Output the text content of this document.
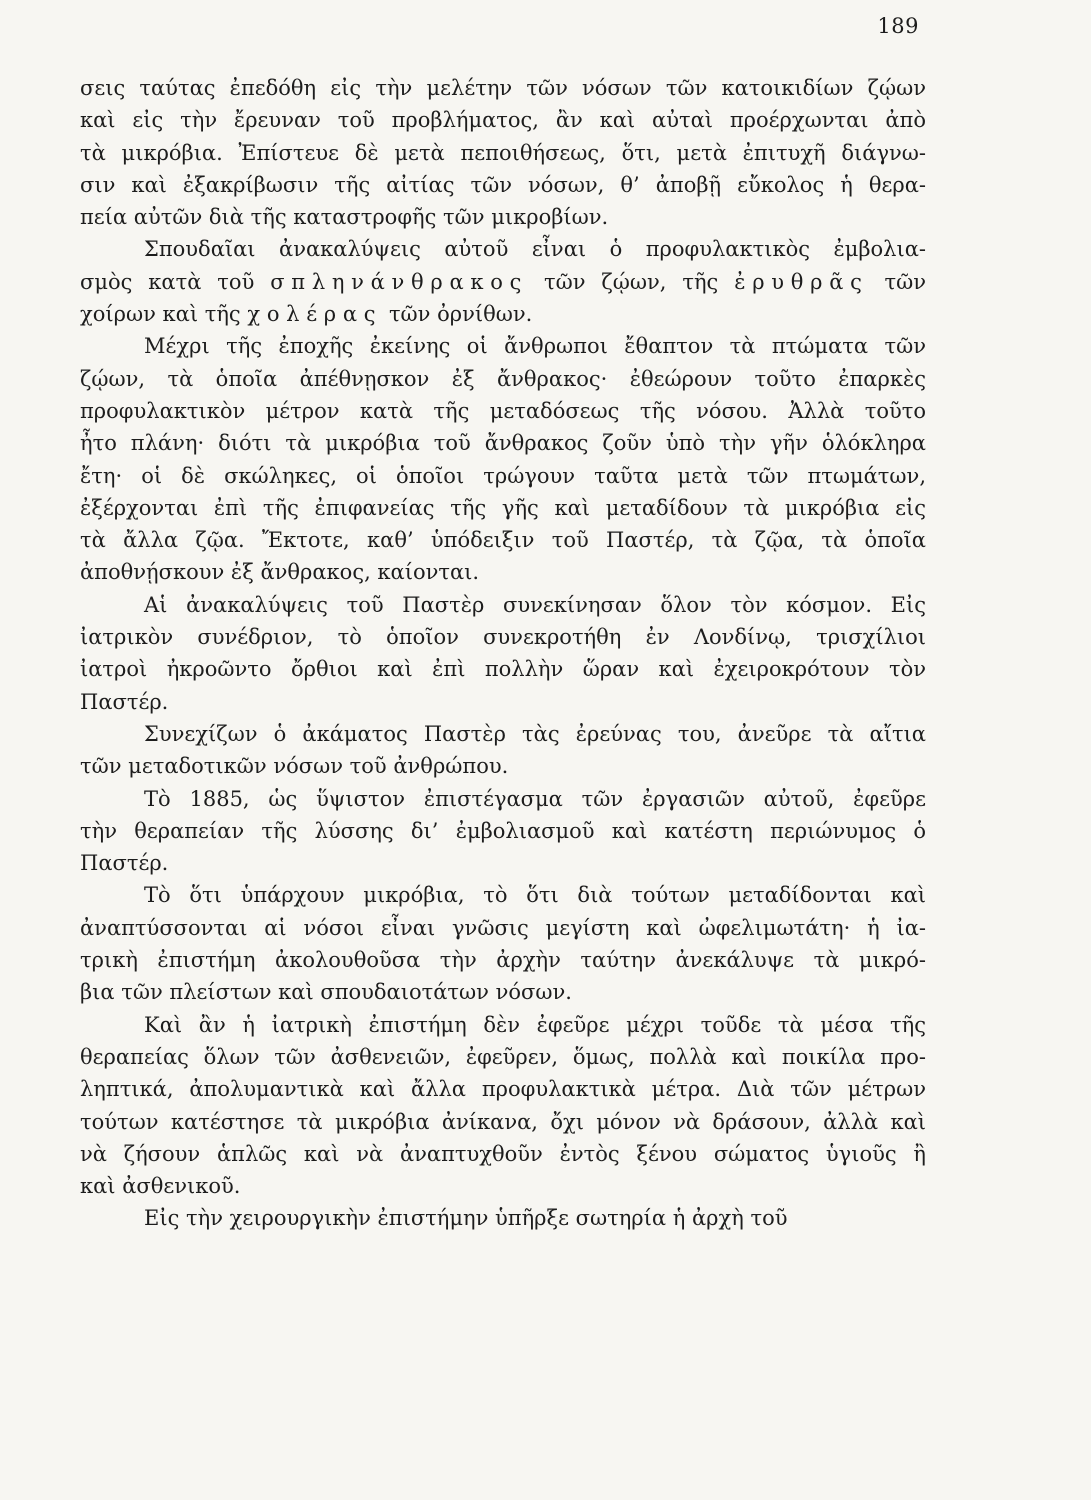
189
σεις ταύτας ἐπεδόθη εἰς τὴν μελέτην τῶν νόσων τῶν κατοικιδίων ζῴων
καὶ εἰς τὴν ἔρευναν τοῦ προβλήματος, ἂν καὶ αὐταὶ προέρχωνται ἀπὸ
τὰ μικρόβια. Ἐπίστευε δὲ μετὰ πεποιθήσεως, ὅτι, μετὰ ἐπιτυχῆ διάγνω-
σιν καὶ ἐξακρίβωσιν τῆς αἰτίας τῶν νόσων, θ’ ἀποβῇ εὔκολος ἡ θερα-
πεία αὐτῶν διὰ τῆς καταστροφῆς τῶν μικροβίων.
Σπουδαῖαι ἀνακαλύψεις αὐτοῦ εἶναι ὁ προφυλακτικὸς ἐμβολια-
σμὸς κατὰ τοῦ σπληνάνθρακος τῶν ζῴων, τῆς ἐρυθρᾶς τῶν
χοίρων καὶ τῆς χολέρας τῶν ὀρνίθων.
Μέχρι τῆς ἐποχῆς ἐκείνης οἱ ἄνθρωποι ἔθαπτον τὰ πτώματα τῶν
ζῴων, τὰ ὁποῖα ἀπέθνῃσκον ἐξ ἄνθρακος· ἐθεώρουν τοῦτο ἐπαρκὲς
προφυλακτικὸν μέτρον κατὰ τῆς μεταδόσεως τῆς νόσου. Ἀλλὰ τοῦτο
ἦτο πλάνη· διότι τὰ μικρόβια τοῦ ἄνθρακος ζοῦν ὑπὸ τὴν γῆν ὁλόκληρα
ἔτη· οἱ δὲ σκώληκες, οἱ ὁποῖοι τρώγουν ταῦτα μετὰ τῶν πτωμάτων,
ἐξέρχονται ἐπὶ τῆς ἐπιφανείας τῆς γῆς καὶ μεταδίδουν τὰ μικρόβια εἰς
τὰ ἄλλα ζῷα. Ἔκτοτε, καθ’ ὑπόδειξιν τοῦ Παστέρ, τὰ ζῷα, τὰ ὁποῖα
ἀποθνῄσκουν ἐξ ἄνθρακος, καίονται.
Αἱ ἀνακαλύψεις τοῦ Παστὲρ συνεκίνησαν ὅλον τὸν κόσμον. Εἰς
ἰατρικὸν συνέδριον, τὸ ὁποῖον συνεκροτήθη ἐν Λονδίνῳ, τρισχίλιοι
ἰατροὶ ἠκροῶντο ὄρθιοι καὶ ἐπὶ πολλὴν ὥραν καὶ ἐχειροκρότουν τὸν
Παστέρ.
Συνεχίζων ὁ ἀκάματος Παστὲρ τὰς ἐρεύνας του, ἀνεῦρε τὰ αἴτια
τῶν μεταδοτικῶν νόσων τοῦ ἀνθρώπου.
Τὸ 1885, ὡς ὕψιστον ἐπιστέγασμα τῶν ἐργασιῶν αὐτοῦ, ἐφεῦρε
τὴν θεραπείαν τῆς λύσσης δι’ ἐμβολιασμοῦ καὶ κατέστη περιώνυμος ὁ
Παστέρ.
Τὸ ὅτι ὑπάρχουν μικρόβια, τὸ ὅτι διὰ τούτων μεταδίδονται καὶ
ἀναπτύσσονται αἱ νόσοι εἶναι γνῶσις μεγίστη καὶ ὠφελιμωτάτη· ἡ ἰα-
τρικὴ ἐπιστήμη ἀκολουθοῦσα τὴν ἀρχὴν ταύτην ἀνεκάλυψε τὰ μικρό-
βια τῶν πλείστων καὶ σπουδαιοτάτων νόσων.
Καὶ ἂν ἡ ἰατρικὴ ἐπιστήμη δὲν ἐφεῦρε μέχρι τοῦδε τὰ μέσα τῆς
θεραπείας ὅλων τῶν ἀσθενειῶν, ἐφεῦρεν, ὅμως, πολλὰ καὶ ποικίλα προ-
ληπτικά, ἀπολυμαντικὰ καὶ ἄλλα προφυλακτικὰ μέτρα. Διὰ τῶν μέτρων
τούτων κατέστησε τὰ μικρόβια ἀνίκανα, ὄχι μόνον νὰ δράσουν, ἀλλὰ καὶ
νὰ ζήσουν ἁπλῶς καὶ νὰ ἀναπτυχθοῦν ἐντὸς ξένου σώματος ὑγιοῦς ἢ
καὶ ἀσθενικοῦ.
Εἰς τὴν χειρουργικὴν ἐπιστήμην ὑπῆρξε σωτηρία ἡ ἀρχὴ τοῦ
